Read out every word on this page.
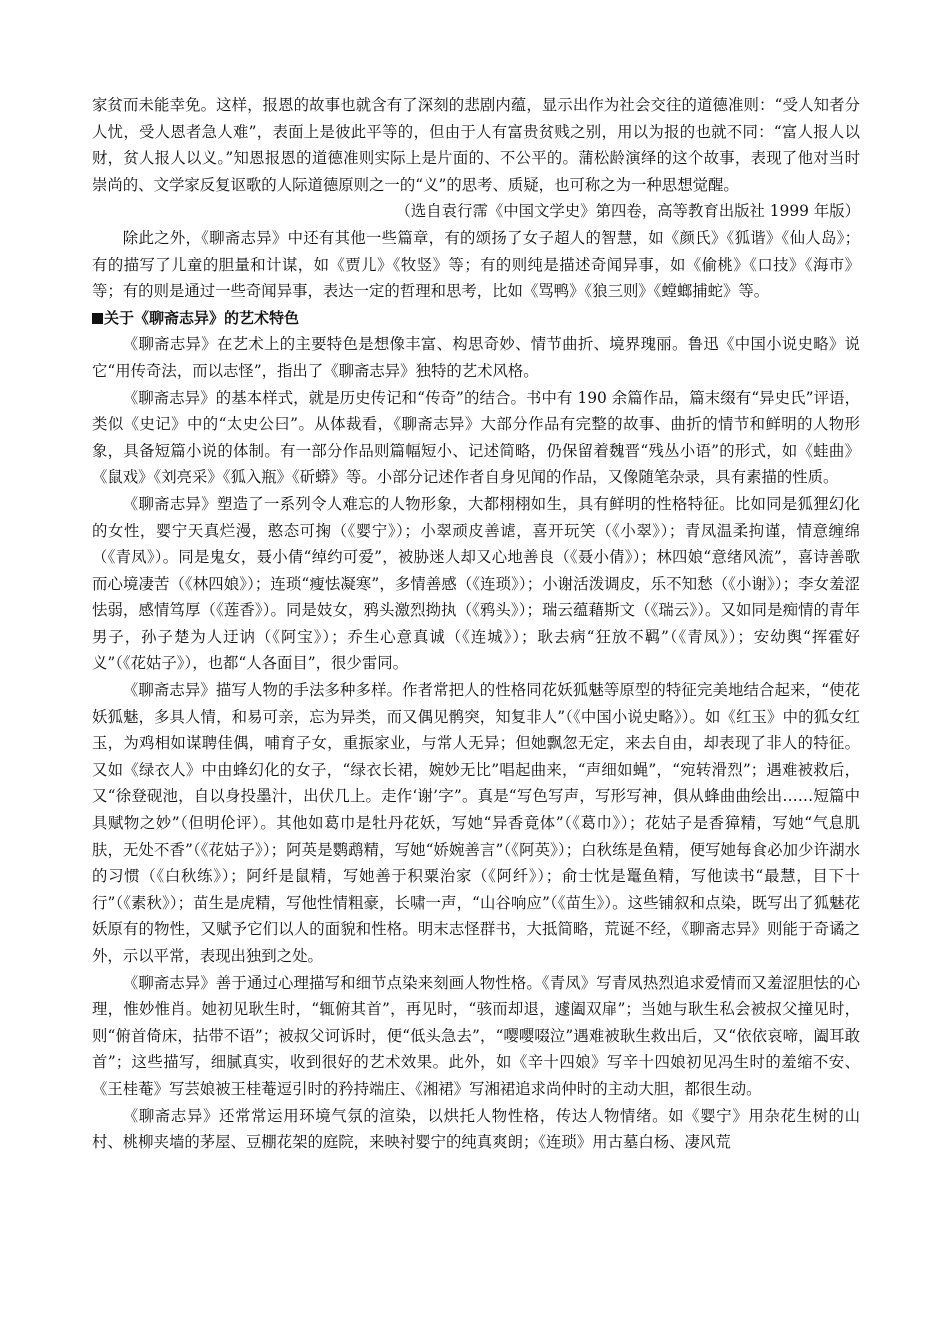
家贫而未能幸免。这样，报恩的故事也就含有了深刻的悲剧内蕴，显示出作为社会交往的道德准则：“受人知者分人忧，受人恩者急人难”，表面上是彼此平等的，但由于人有富贵贫贱之别，用以为报的也就不同：“富人报人以财，贫人报人以义。”知恩报恩的道德准则实际上是片面的、不公平的。蒲松龄演绎的这个故事，表现了他对当时崇尚的、文学家反复讴歌的人际道德原则之一的“义”的思考、质疑，也可称之为一种思想觉醒。

（选自袁行霈《中国文学史》第四卷，高等教育出版社 1999 年版）

除此之外，《聊斋志异》中还有其他一些篇章，有的颂扬了女子超人的智慧，如《颜氏》《狐谐》《仙人岛》；有的描写了儿童的胆量和计谋，如《贾儿》《牧竖》等；有的则纯是描述奇闻异事，如《偷桃》《口技》《海市》等；有的则是通过一些奇闻异事，表达一定的哲理和思考，比如《骂鸭》《狼三则》《螳螂捕蛇》等。

关于《聊斋志异》的艺术特色

《聊斋志异》在艺术上的主要特色是想像丰富、构思奇妙、情节曲折、境界瑰丽。鲁迅《中国小说史略》说它“用传奇法，而以志怪”，指出了《聊斋志异》独特的艺术风格。

《聊斋志异》的基本样式，就是历史传记和“传奇”的结合。书中有 190 余篇作品，篇末缀有“异史氏”评语，类似《史记》中的“太史公曰”。从体裁看，《聊斋志异》大部分作品有完整的故事、曲折的情节和鲜明的人物形象，具备短篇小说的体制。有一部分作品则篇幅短小、记述简略，仍保留着魏晋“残丛小语”的形式，如《蛙曲》《鼠戏》《刘亮采》《狐入瓶》《斫蟒》等。小部分记述作者自身见闻的作品，又像随笔杂录，具有素描的性质。

《聊斋志异》塑造了一系列令人难忘的人物形象，大都栩栩如生，具有鲜明的性格特征。比如同是狐狸幻化的女性，婴宁天真烂漫，憨态可掬（《婴宁》）；小翠顽皮善谑，喜开玩笑（《小翠》）；青凤温柔拘谨，情意缠绵（《青凤》）。同是鬼女，聂小倩“绰约可爱”，被胁迷人却又心地善良（《聂小倩》）；林四娘“意绪风流”，喜诗善歌而心境凄苦（《林四娘》）；连琐“瘦怯凝寒”，多情善感（《连琐》）；小谢活泼调皮，乐不知愁（《小谢》）；李女羞涩怯弱，感情笃厚（《莲香》）。同是妓女，鸦头激烈拗执（《鸦头》）；瑞云蕴藉斯文（《瑞云》）。又如同是痴情的青年男子，孙子楚为人迂讷（《阿宝》）；乔生心意真诚（《连城》）；耿去病“狂放不羁”（《青凤》）；安幼舆“挥霍好义”（《花姑子》），也都“人各面目”，很少雷同。

《聊斋志异》描写人物的手法多种多样。作者常把人的性格同花妖狐魅等原型的特征完美地结合起来，“使花妖狐魅，多具人情，和易可亲，忘为异类，而又偶见鹘突，知复非人”（《中国小说史略》）。如《红玉》中的狐女红玉，为鸡相如谋聘佳偶，哺育子女，重振家业，与常人无异；但她飘忽无定，来去自由，却表现了非人的特征。又如《绿衣人》中由蜂幻化的女子，“绿衣长裙，婉妙无比”唱起曲来，“声细如蝇”，“宛转滑烈”；遇难被救后，又“徐登砚池，自以身投墨汁，出伏几上。走作‘谢’字”。真是“写色写声，写形写神，俱从蜂曲曲绘出……短篇中具赋物之妙”（但明伦评）。其他如葛巾是牡丹花妖，写她“异香竟体”（《葛巾》）；花姑子是香獐精，写她“气息肌肤，无处不香”（《花姑子》）；阿英是鹦鹉精，写她“娇婉善言”（《阿英》）；白秋练是鱼精，便写她每食必加少许湖水的习惯（《白秋练》）；阿纤是鼠精，写她善于积粟治家（《阿纤》）；俞士忱是鼍鱼精，写他读书“最慧，目下十行”（《素秋》）；苗生是虎精，写他性情粗豪，长啸一声，“山谷响应”（《苗生》）。这些铺叙和点染，既写出了狐魅花妖原有的物性，又赋予它们以人的面貌和性格。明末志怪群书，大抵简略，荒诞不经，《聊斋志异》则能于奇谲之外，示以平常，表现出独到之处。

《聊斋志异》善于通过心理描写和细节点染来刻画人物性格。《青凤》写青凤热烈追求爱情而又羞涩胆怯的心理，惟妙惟肖。她初见耿生时，“辄俯其首”，再见时，“骇而却退，遽阖双扉”；当她与耿生私会被叔父撞见时，则“俯首倚床，拈带不语”；被叔父诃诉时，便“低头急去”，“嘤嘤啜泣”遇难被耿生救出后，又“依依哀啼，阖耳敢首”；这些描写，细腻真实，收到很好的艺术效果。此外，如《辛十四娘》写辛十四娘初见冯生时的羞缩不安、《王桂菴》写芸娘被王桂菴逗引时的矜持端庄、《湘裙》写湘裙追求尚仲时的主动大胆，都很生动。

《聊斋志异》还常常运用环境气氛的渲染，以烘托人物性格，传达人物情绪。如《婴宁》用杂花生树的山村、桃柳夹墙的茅屋、豆棚花架的庭院，来映衬婴宁的纯真爽朗；《连琐》用古墓白杨、凄风荒
